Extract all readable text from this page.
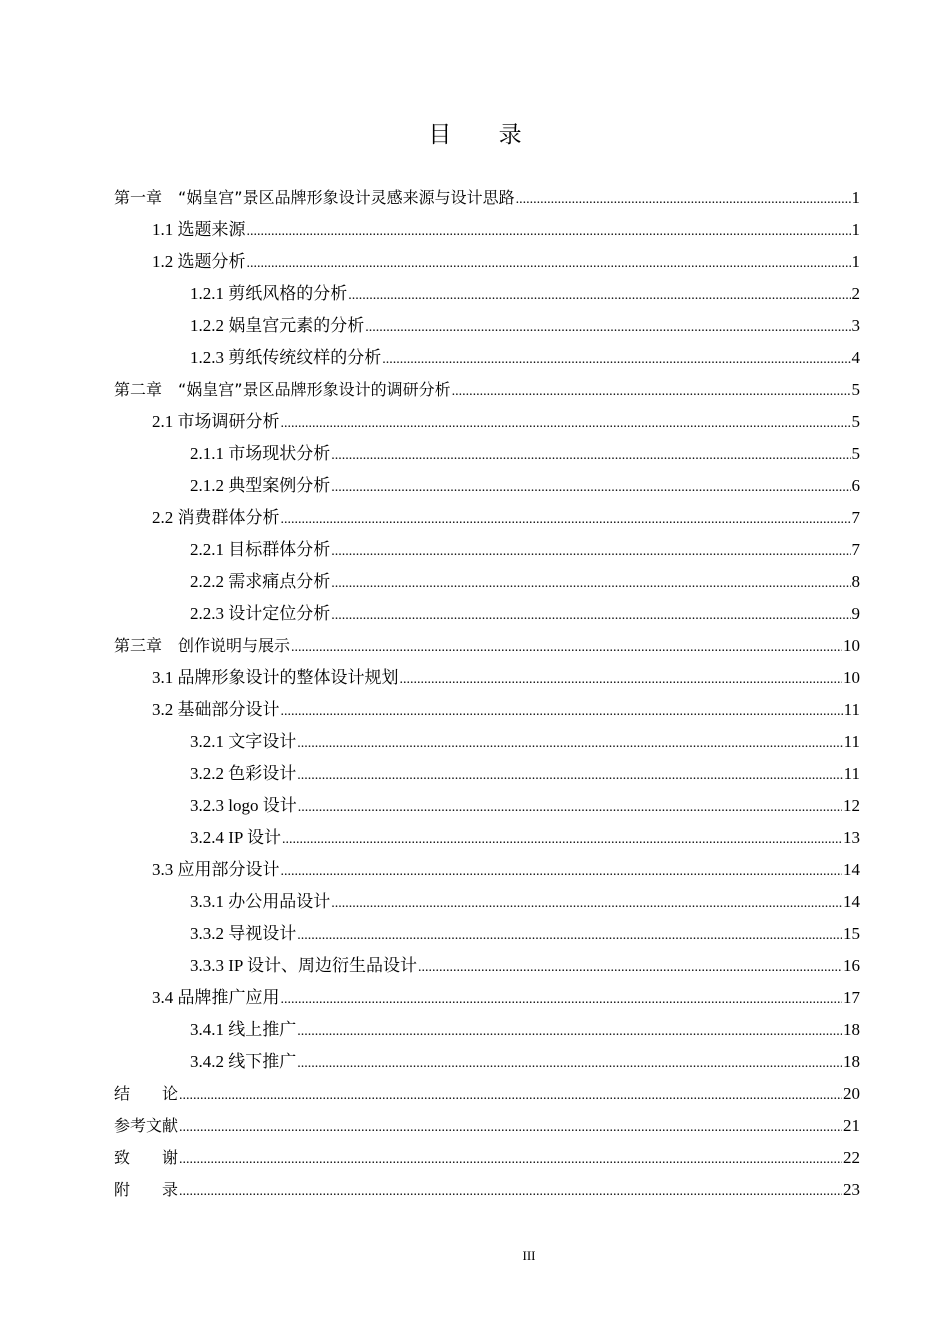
目 录
第一章　“娲皇宫”景区品牌形象设计灵感来源与设计思路 .....	1
1.1 选题来源 .....	1
1.2 选题分析 .....	1
1.2.1 剪纸风格的分析 .....	2
1.2.2 娲皇宫元素的分析 .....	3
1.2.3 剪纸传统纹样的分析 .....	4
第二章　“娲皇宫”景区品牌形象设计的调研分析 .....	5
2.1 市场调研分析 .....	5
2.1.1 市场现状分析 .....	5
2.1.2 典型案例分析 .....	6
2.2 消费群体分析 .....	7
2.2.1 目标群体分析 .....	7
2.2.2 需求痛点分析 .....	8
2.2.3 设计定位分析 .....	9
第三章　创作说明与展示 .....	10
3.1 品牌形象设计的整体设计规划 .....	10
3.2 基础部分设计 .....	11
3.2.1 文字设计 .....	11
3.2.2 色彩设计 .....	11
3.2.3 logo 设计 .....	12
3.2.4 IP 设计 .....	13
3.3 应用部分设计 .....	14
3.3.1 办公用品设计 .....	14
3.3.2 导视设计 .....	15
3.3.3 IP 设计、周边衍生品设计 .....	16
3.4 品牌推广应用 .....	17
3.4.1 线上推广 .....	18
3.4.2 线下推广 .....	18
结　　论 .....	20
参考文献 .....	21
致　　谢 .....	22
附　　录 .....	23
III
